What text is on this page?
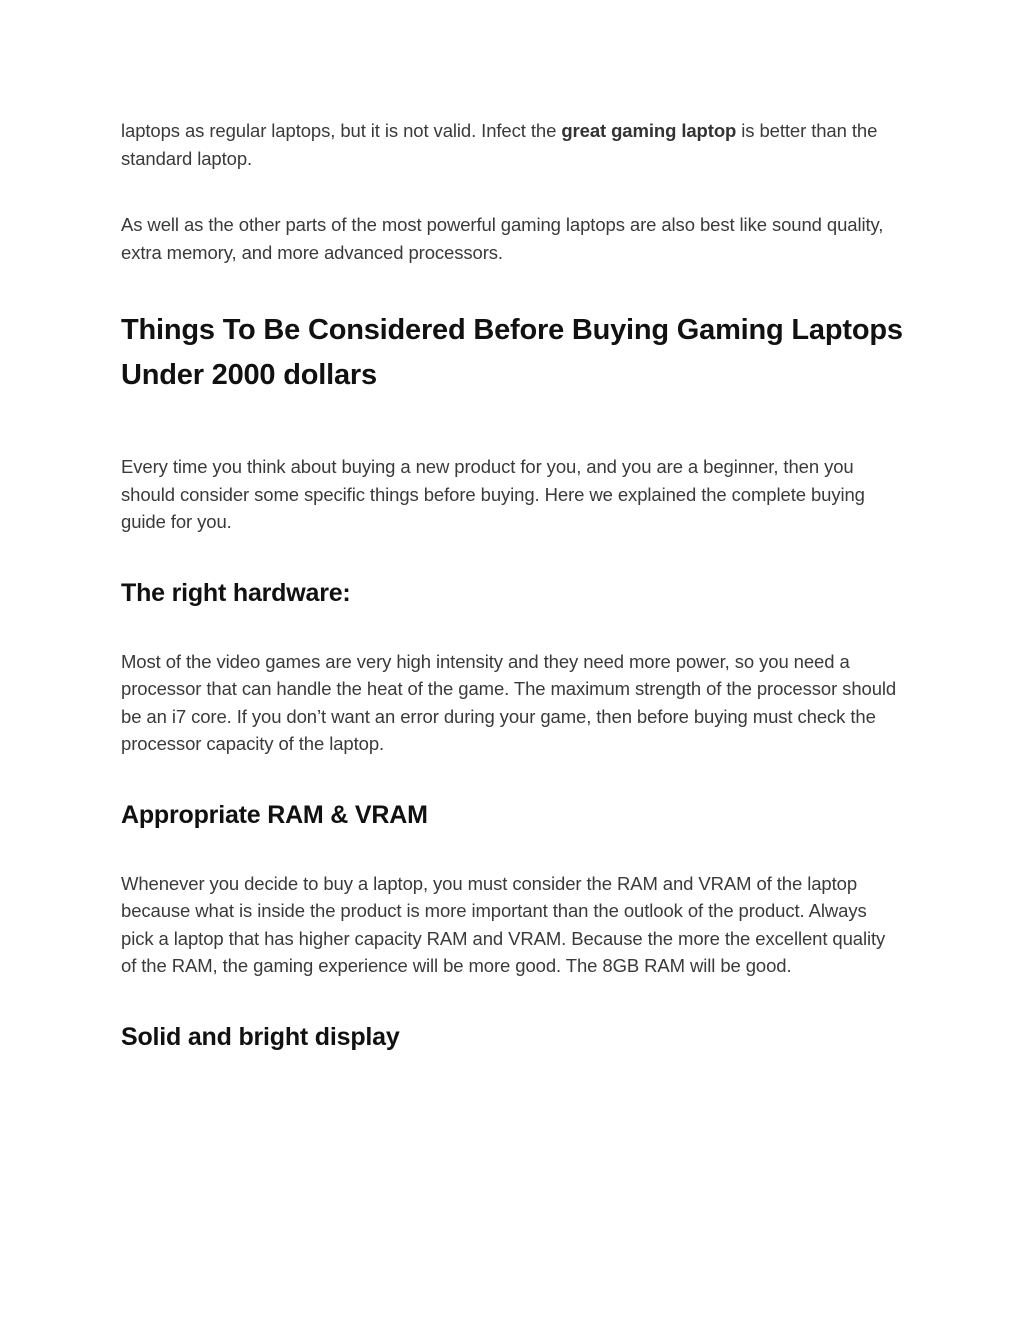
laptops as regular laptops, but it is not valid. Infect the great gaming laptop is better than the standard laptop.

As well as the other parts of the most powerful gaming laptops are also best like sound quality, extra memory, and more advanced processors.

Things To Be Considered Before Buying Gaming Laptops Under 2000 dollars

Every time you think about buying a new product for you, and you are a beginner, then you should consider some specific things before buying. Here we explained the complete buying guide for you.

The right hardware:

Most of the video games are very high intensity and they need more power, so you need a processor that can handle the heat of the game. The maximum strength of the processor should be an i7 core. If you don’t want an error during your game, then before buying must check the processor capacity of the laptop.

Appropriate RAM & VRAM

Whenever you decide to buy a laptop, you must consider the RAM and VRAM of the laptop because what is inside the product is more important than the outlook of the product. Always pick a laptop that has higher capacity RAM and VRAM. Because the more the excellent quality of the RAM, the gaming experience will be more good. The 8GB RAM will be good.

Solid and bright display
